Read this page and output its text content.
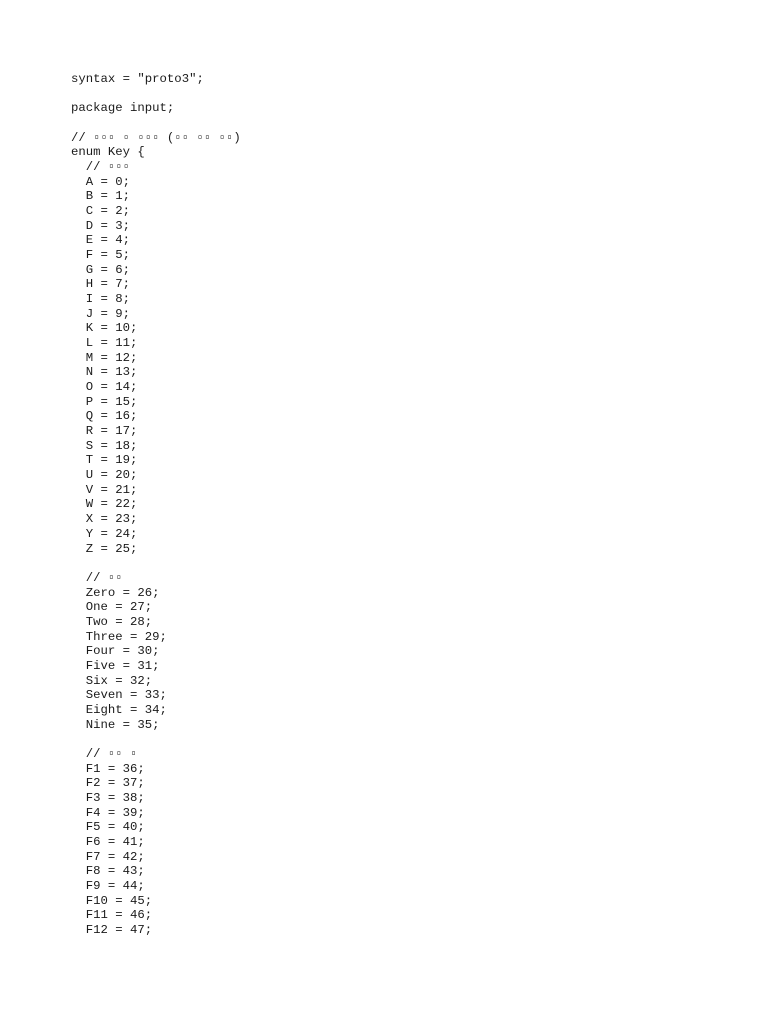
syntax = "proto3";
package input;
// ▫▫▫ ▫ ▫▫▫ (▫▫ ▫▫ ▫▫)
enum Key {
// ▫▫▫
A = 0;
B = 1;
C = 2;
D = 3;
E = 4;
F = 5;
G = 6;
H = 7;
I = 8;
J = 9;
K = 10;
L = 11;
M = 12;
N = 13;
O = 14;
P = 15;
Q = 16;
R = 17;
S = 18;
T = 19;
U = 20;
V = 21;
W = 22;
X = 23;
Y = 24;
Z = 25;
// ▫▫
Zero = 26;
One = 27;
Two = 28;
Three = 29;
Four = 30;
Five = 31;
Six = 32;
Seven = 33;
Eight = 34;
Nine = 35;
// ▫▫ ▫
F1 = 36;
F2 = 37;
F3 = 38;
F4 = 39;
F5 = 40;
F6 = 41;
F7 = 42;
F8 = 43;
F9 = 44;
F10 = 45;
F11 = 46;
F12 = 47;
